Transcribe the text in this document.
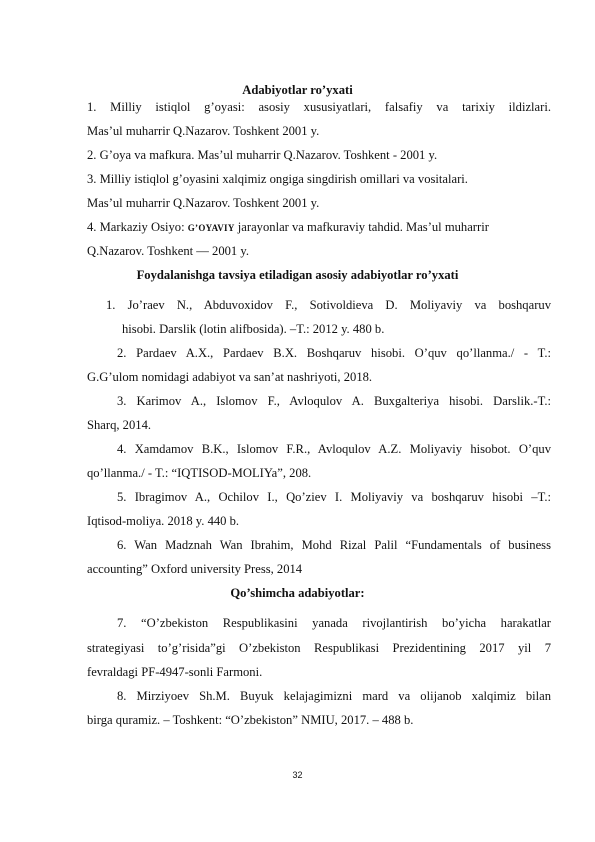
Adabiyotlar ro’yxati
1. Milliy istiqlol g’oyasi: asosiy xususiyatlari, falsafiy va tarixiy ildizlari.
Mas’ul muharrir Q.Nazarov. Toshkent 2001 y.
2. G’oya va mafkura. Mas’ul muharrir Q.Nazarov. Toshkent - 2001 y.
3. Milliy istiqlol g’oyasini xalqimiz ongiga singdirish omillari va vositalari.
Mas’ul muharrir Q.Nazarov. Toshkent 2001 y.
4. Markaziy Osiyo: G’OYAVIY jarayonlar va mafkuraviy tahdid. Mas’ul muharrir
Q.Nazarov. Toshkent — 2001 y.
Foydalanishga tavsiya etiladigan asosiy adabiyotlar ro’yxati
1. Jo’raev N., Abduvoxidov F., Sotivoldieva D. Moliyaviy va boshqaruv
hisobi. Darslik (lotin alifbosida). –T.: 2012 y. 480 b.
2. Pardaev A.X., Pardaev B.X. Boshqaruv hisobi. O’quv qo’llanma./ - T.:
G.G’ulom nomidagi adabiyot va san’at nashriyoti, 2018.
3. Karimov A., Islomov F., Avloqulov A. Buxgalteriya hisobi. Darslik.-T.:
Sharq, 2014.
4. Xamdamov B.K., Islomov F.R., Avloqulov A.Z. Moliyaviy hisobot. O’quv
qo’llanma./ - T.: “IQTISOD-MOLIYa”, 208.
5. Ibragimov A., Ochilov I., Qo’ziev I. Moliyaviy va boshqaruv hisobi –T.:
Iqtisod-moliya. 2018 y. 440 b.
6. Wan Madznah Wan Ibrahim, Mohd Rizal Palil “Fundamentals of business
accounting” Oxford university Press, 2014
Qo’shimcha adabiyotlar:
7. “O’zbekiston Respublikasini yanada rivojlantirish bo’yicha harakatlar
strategiyasi to’g’risida”gi O’zbekiston Respublikasi Prezidentining 2017 yil 7
fevraldagi PF-4947-sonli Farmoni.
8. Mirziyoev Sh.M. Buyuk kelajagimizni mard va olijanob xalqimiz bilan
birga quramiz. – Toshkent: “O’zbekiston” NMIU, 2017. – 488 b.
32
